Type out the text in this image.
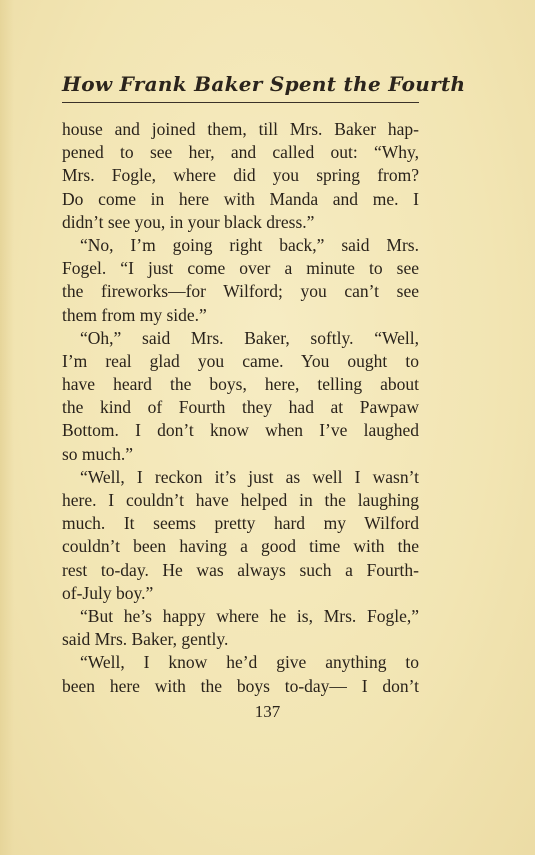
How Frank Baker Spent the Fourth
house and joined them, till Mrs. Baker hap-
pened to see her, and called out: “Why,
Mrs. Fogle, where did you spring from?
Do come in here with Manda and me. I
didn’t see you, in your black dress.”
“No, I’m going right back,” said Mrs.
Fogel. “I just come over a minute to see
the fireworks—for Wilford; you can’t see
them from my side.”
“Oh,” said Mrs. Baker, softly. “Well,
I’m real glad you came. You ought to
have heard the boys, here, telling about
the kind of Fourth they had at Pawpaw
Bottom. I don’t know when I’ve laughed
so much.”
“Well, I reckon it’s just as well I wasn’t
here. I couldn’t have helped in the laughing
much. It seems pretty hard my Wilford
couldn’t been having a good time with the
rest to-day. He was always such a Fourth-
of-July boy.”
“But he’s happy where he is, Mrs. Fogle,”
said Mrs. Baker, gently.
“Well, I know he’d give anything to
been here with the boys to-day— I don’t
137
